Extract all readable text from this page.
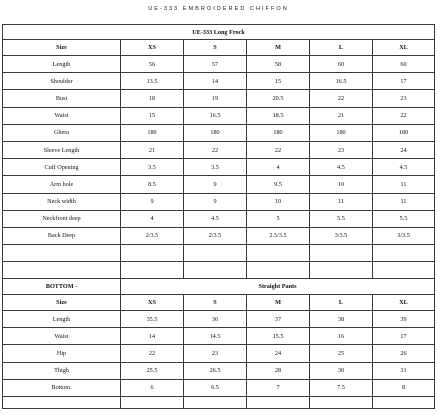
UE-333 EMBROIDERED CHIFFON
UE-333 Long Frock					
Size	XS	S	M	L	XL
Length	56	57	58	60	60
Shoulder	13.5	14	15	16.5	17
Bust	18	19	20.5	22	23
Waist	15	16.5	18.5	21	22
Ghera	180	180	180	180	180
Sleeve Length	21	22	22	23	24
Cuff Opening	3.5	3.5	4	4.5	4.5
Arm hole	8.5	9	9.5	10	11
Neck width	9	9	10	11	11
Neckfront deep	4	4.5	5	5.5	5.5
Back Deep	2/3.5	2/3.5	2.5/3.5	3/3.5	3/3.5

BOTTOM -	Straight Pants				
Size	XS	S	M	L	XL
Length	35.5	36	37	38	39
Waist	14	14.5	15.5	16	17
Hip	22	23	24	25	26
Thigh	25.5	26.5	28	30	31
Bottom.	6	6.5	7	7.5	8
